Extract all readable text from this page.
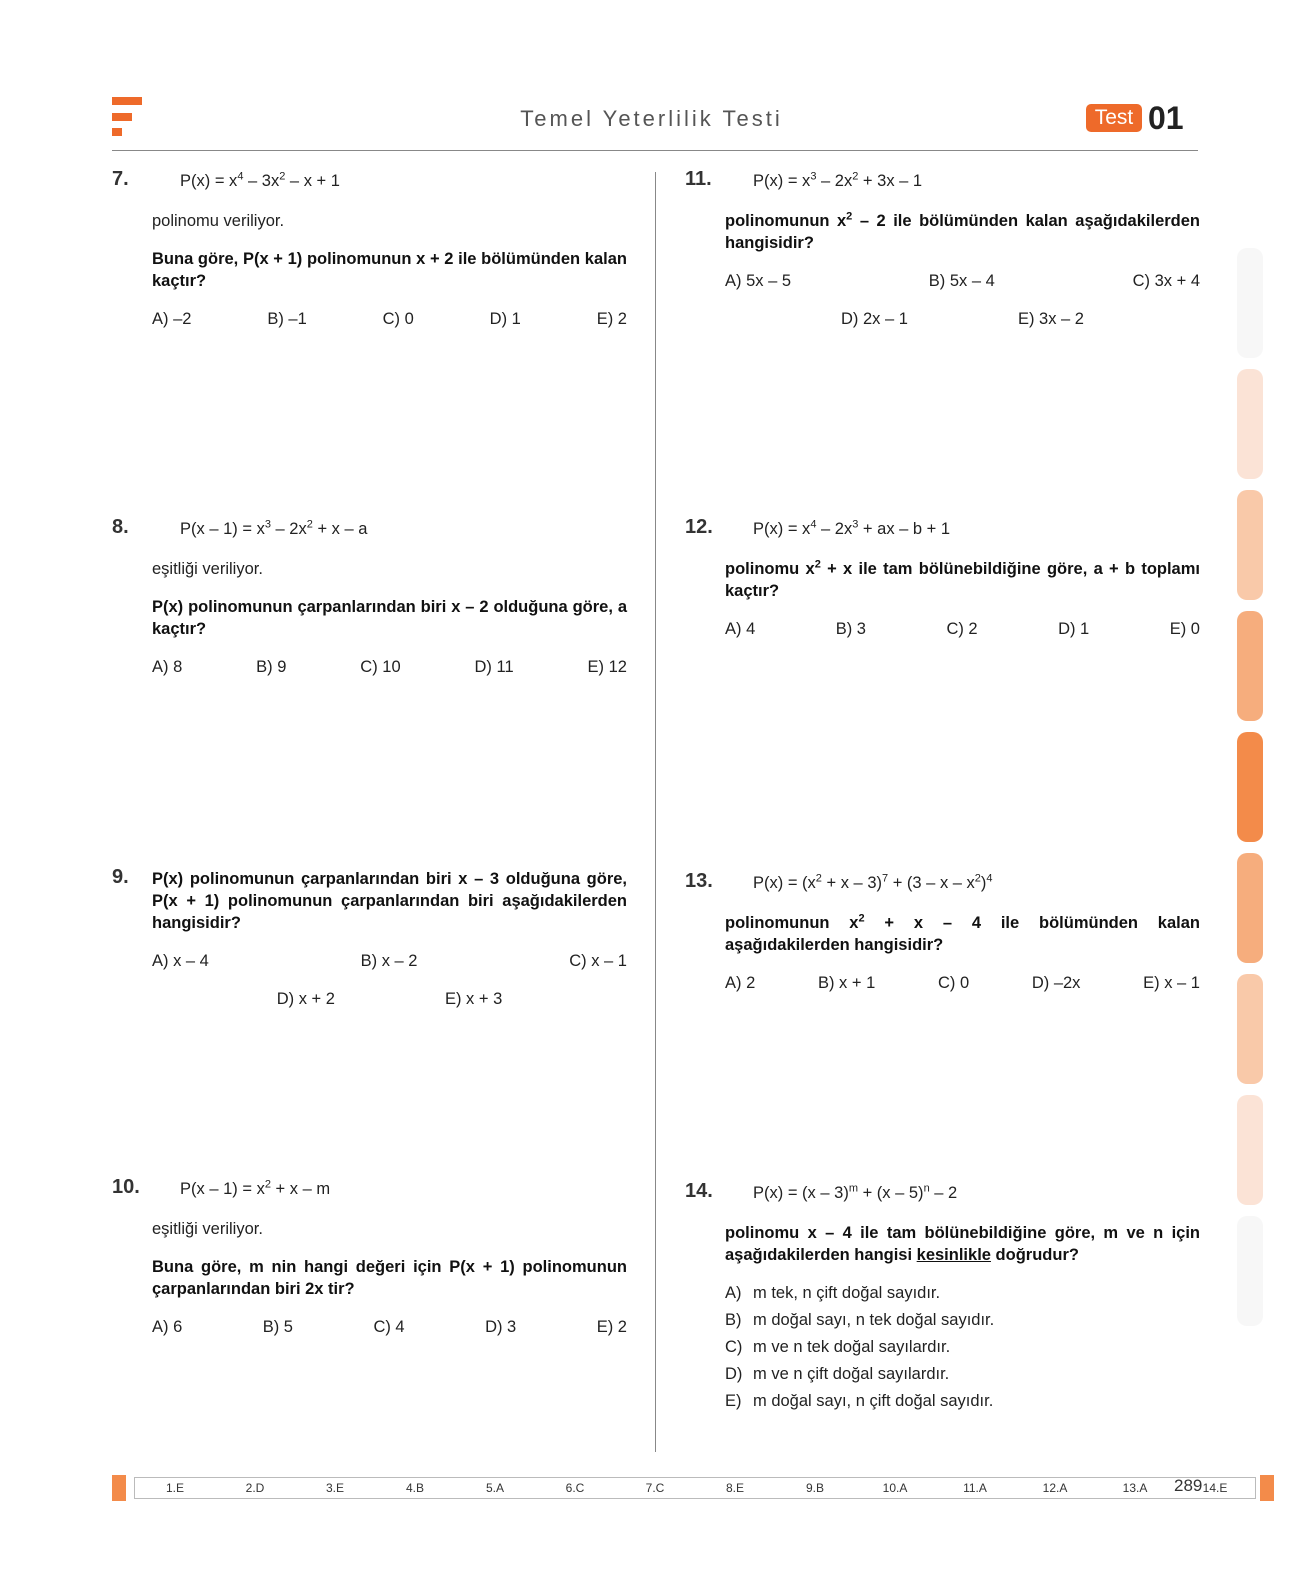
Temel Yeterlilik Testi	Test 01
7.	$P(x) = x^4 - 3x^2 - x + 1$
polinomu veriliyor.
Buna göre, P(x + 1) polinomunun x + 2 ile bölümünden kalan kaçtır?
A) –2	B) –1	C) 0	D) 1	E) 2
8.	$P(x - 1) = x^3 - 2x^2 + x - a$
eşitliği veriliyor.
P(x) polinomunun çarpanlarından biri x – 2 olduğuna göre, a kaçtır?
A) 8	B) 9	C) 10	D) 11	E) 12
9. P(x) polinomunun çarpanlarından biri x – 3 olduğuna göre, P(x + 1) polinomunun çarpanlarından biri aşağıdakilerden hangisidir?
A) x – 4	B) x – 2	C) x – 1
D) x + 2	E) x + 3
10.	$P(x - 1) = x^2 + x - m$
eşitliği veriliyor.
Buna göre, m nin hangi değeri için P(x + 1) polinomunun çarpanlarından biri 2x tir?
A) 6	B) 5	C) 4	D) 3	E) 2
11.	$P(x) = x^3 - 2x^2 + 3x - 1$
polinomunun $x^2 - 2$ ile bölümünden kalan aşağıdakilerden hangisidir?
A) 5x – 5	B) 5x – 4	C) 3x + 4
D) 2x – 1	E) 3x – 2
12.	$P(x) = x^4 - 2x^3$ + ax – b + 1
polinomu $x^2 + x$ ile tam bölünebildiğine göre, a + b toplamı kaçtır?
A) 4	B) 3	C) 2	D) 1	E) 0
13.	$P(x) = (x^2 + x - 3)^7 + (3 - x - x^2)^4$
polinomunun $x^2 + x - 4$ ile bölümünden kalan aşağıdakilerden hangisidir?
A) 2	B) x + 1	C) 0	D) –2x	E) x – 1
14.	P(x) = (x – 3)$^m$ + (x – 5)$^n$ – 2
polinomu x – 4 ile tam bölünebildiğine göre, m ve n için aşağıdakilerden hangisi kesinlikle doğrudur?
A) m tek, n çift doğal sayıdır.
B) m doğal sayı, n tek doğal sayıdır.
C) m ve n tek doğal sayılardır.
D) m ve n çift doğal sayılardır.
E) m doğal sayı, n çift doğal sayıdır.
1.E	2.D	3.E	4.B	5.A	6.C	7.C	8.E	9.B	10.A	11.A	12.A	13.A	14.E
289
